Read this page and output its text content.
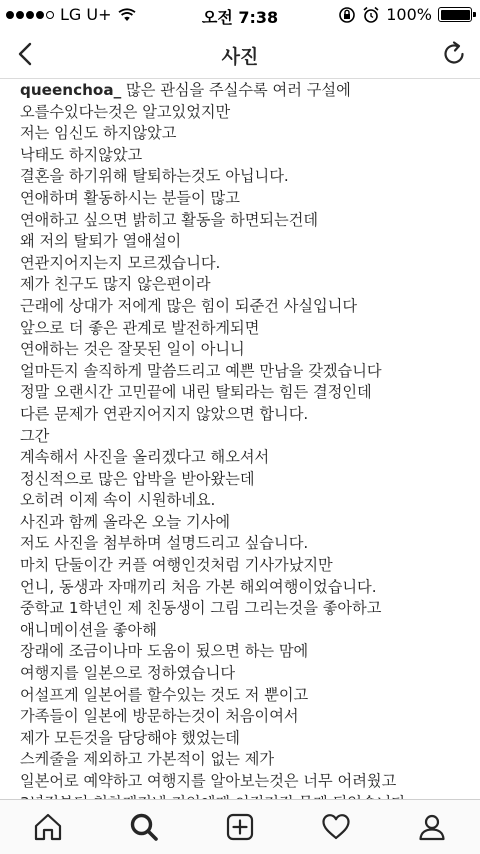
LG U+	오전 7:38	100%
사진
queenchoa_ 많은 관심을 주실수록 여러 구설에
오를수있다는것은 알고있었지만
저는 임신도 하지않았고
낙태도 하지않았고
결혼을 하기위해 탈퇴하는것도 아닙니다.
연애하며 활동하시는 분들이 많고
연애하고 싶으면 밝히고 활동을 하면되는건데
왜 저의 탈퇴가 열애설이
연관지어지는지 모르겠습니다.
제가 친구도 많지 않은편이라
근래에 상대가 저에게 많은 힘이 되준건 사실입니다
앞으로 더 좋은 관계로 발전하게되면
연애하는 것은 잘못된 일이 아니니
얼마든지 솔직하게 말씀드리고 예쁜 만남을 갖겠습니다
정말 오랜시간 고민끝에 내린 탈퇴라는 힘든 결정인데
다른 문제가 연관지어지지 않았으면 합니다.
그간
계속해서 사진을 올리겠다고 해오셔서
정신적으로 많은 압박을 받아왔는데
오히려 이제 속이 시원하네요.
사진과 함께 올라온 오늘 기사에
저도 사진을 첨부하며 설명드리고 싶습니다.
마치 단둘이간 커플 여행인것처럼 기사가났지만
언니, 동생과 자매끼리 처음 가본 해외여행이었습니다.
중학교 1학년인 제 친동생이 그림 그리는것을 좋아하고
애니메이션을 좋아해
장래에 조금이나마 도움이 됬으면 하는 맘에
여행지를 일본으로 정하였습니다
어설프게 일본어를 할수있는 것도 저 뿐이고
가족들이 일본에 방문하는것이 처음이여서
제가 모든것을 담당해야 했었는데
스케줄을 제외하고 가본적이 없는 제가
일본어로 예약하고 여행지를 알아보는것은 너무 어려웠고
